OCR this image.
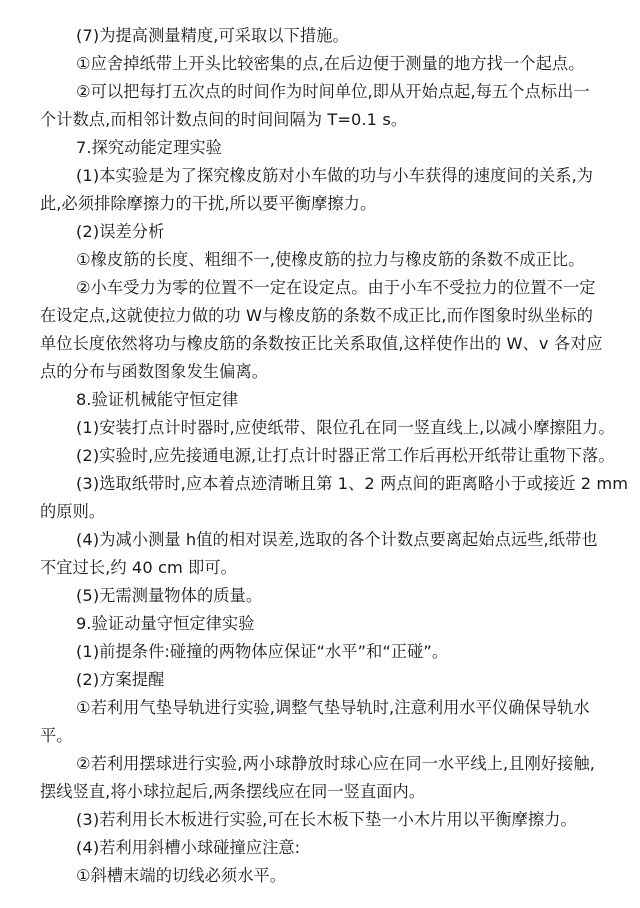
(7)为提高测量精度,可采取以下措施。
①应舍掉纸带上开头比较密集的点,在后边便于测量的地方找一个起点。
②可以把每打五次点的时间作为时间单位,即从开始点起,每五个点标出一
个计数点,而相邻计数点间的时间间隔为 T=0.1 s。
7.探究动能定理实验
(1)本实验是为了探究橡皮筋对小车做的功与小车获得的速度间的关系,为
此,必须排除摩擦力的干扰,所以要平衡摩擦力。
(2)误差分析
①橡皮筋的长度、粗细不一,使橡皮筋的拉力与橡皮筋的条数不成正比。
②小车受力为零的位置不一定在设定点。由于小车不受拉力的位置不一定
在设定点,这就使拉力做的功 W与橡皮筋的条数不成正比,而作图象时纵坐标的
单位长度依然将功与橡皮筋的条数按正比关系取值,这样使作出的 W、v 各对应
点的分布与函数图象发生偏离。
8.验证机械能守恒定律
(1)安装打点计时器时,应使纸带、限位孔在同一竖直线上,以减小摩擦阻力。
(2)实验时,应先接通电源,让打点计时器正常工作后再松开纸带让重物下落。
(3)选取纸带时,应本着点迹清晰且第 1、2 两点间的距离略小于或接近 2 mm
的原则。
(4)为减小测量 h值的相对误差,选取的各个计数点要离起始点远些,纸带也
不宜过长,约 40 cm 即可。
(5)无需测量物体的质量。
9.验证动量守恒定律实验
(1)前提条件:碰撞的两物体应保证“水平”和“正碰”。
(2)方案提醒
①若利用气垫导轨进行实验,调整气垫导轨时,注意利用水平仪确保导轨水
平。
②若利用摆球进行实验,两小球静放时球心应在同一水平线上,且刚好接触,
摆线竖直,将小球拉起后,两条摆线应在同一竖直面内。
(3)若利用长木板进行实验,可在长木板下垫一小木片用以平衡摩擦力。
(4)若利用斜槽小球碰撞应注意:
①斜槽末端的切线必须水平。
